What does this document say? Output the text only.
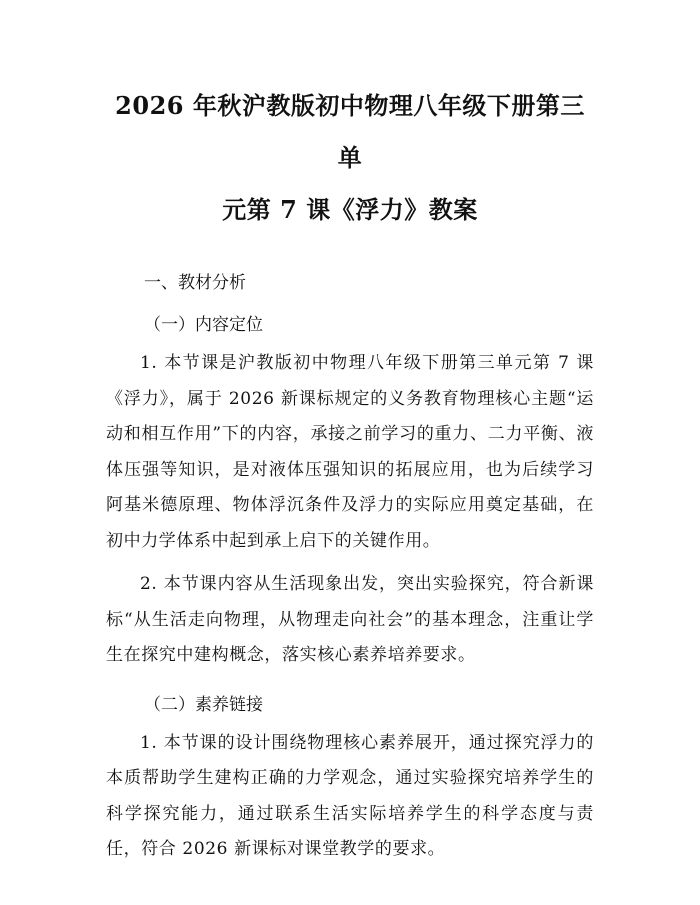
2026 年秋沪教版初中物理八年级下册第三单
元第 7 课《浮力》教案
一、教材分析
（一）内容定位

1. 本节课是沪教版初中物理八年级下册第三单元第 7 课《浮力》，属于 2026 新课标规定的义务教育物理核心主题“运动和相互作用”下的内容，承接之前学习的重力、二力平衡、液体压强等知识，是对液体压强知识的拓展应用，也为后续学习阿基米德原理、物体浮沉条件及浮力的实际应用奠定基础，在初中力学体系中起到承上启下的关键作用。

2. 本节课内容从生活现象出发，突出实验探究，符合新课标“从生活走向物理，从物理走向社会”的基本理念，注重让学生在探究中建构概念，落实核心素养培养要求。

（二）素养链接

1. 本节课的设计围绕物理核心素养展开，通过探究浮力的本质帮助学生建构正确的力学观念，通过实验探究培养学生的科学探究能力，通过联系生活实际培养学生的科学态度与责任，符合 2026 新课标对课堂教学的要求。
